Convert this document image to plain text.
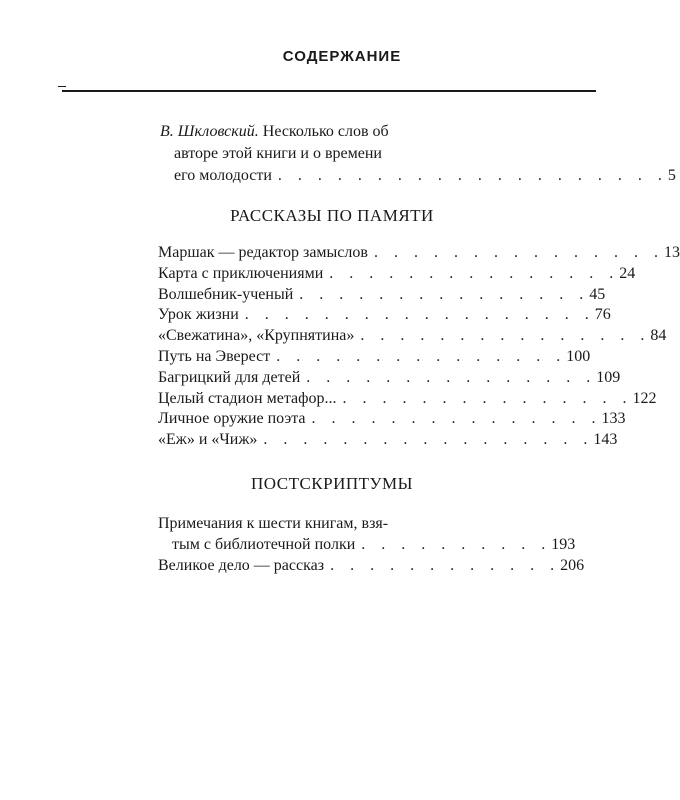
СОДЕРЖАНИЕ
В. Шкловский. Несколько слов об
авторе этой книги и о времени
его молодости . . . . . . . . . . . . . . . . . . . . 5
РАССКАЗЫ ПО ПАМЯТИ
Маршак — редактор замыслов . . . . . . . . . . . . . . . 13
Карта с приключениями . . . . . . . . . . . . . . . 24
Волшебник-ученый . . . . . . . . . . . . . . . 45
Урок жизни . . . . . . . . . . . . . . . . . . 76
«Свежатина», «Крупнятина» . . . . . . . . . . . . . . . 84
Путь на Эверест . . . . . . . . . . . . . . . 100
Багрицкий для детей . . . . . . . . . . . . . . . 109
Целый стадион метафор... . . . . . . . . . . . . . . . 122
Личное оружие поэта . . . . . . . . . . . . . . . 133
«Еж» и «Чиж» . . . . . . . . . . . . . . . . . 143
ПОСТСКРИПТУМЫ
Примечания к шести книгам, взя-
тым с библиотечной полки . . . . . . . . . . 193
Великое дело — рассказ . . . . . . . . . . . . 206
